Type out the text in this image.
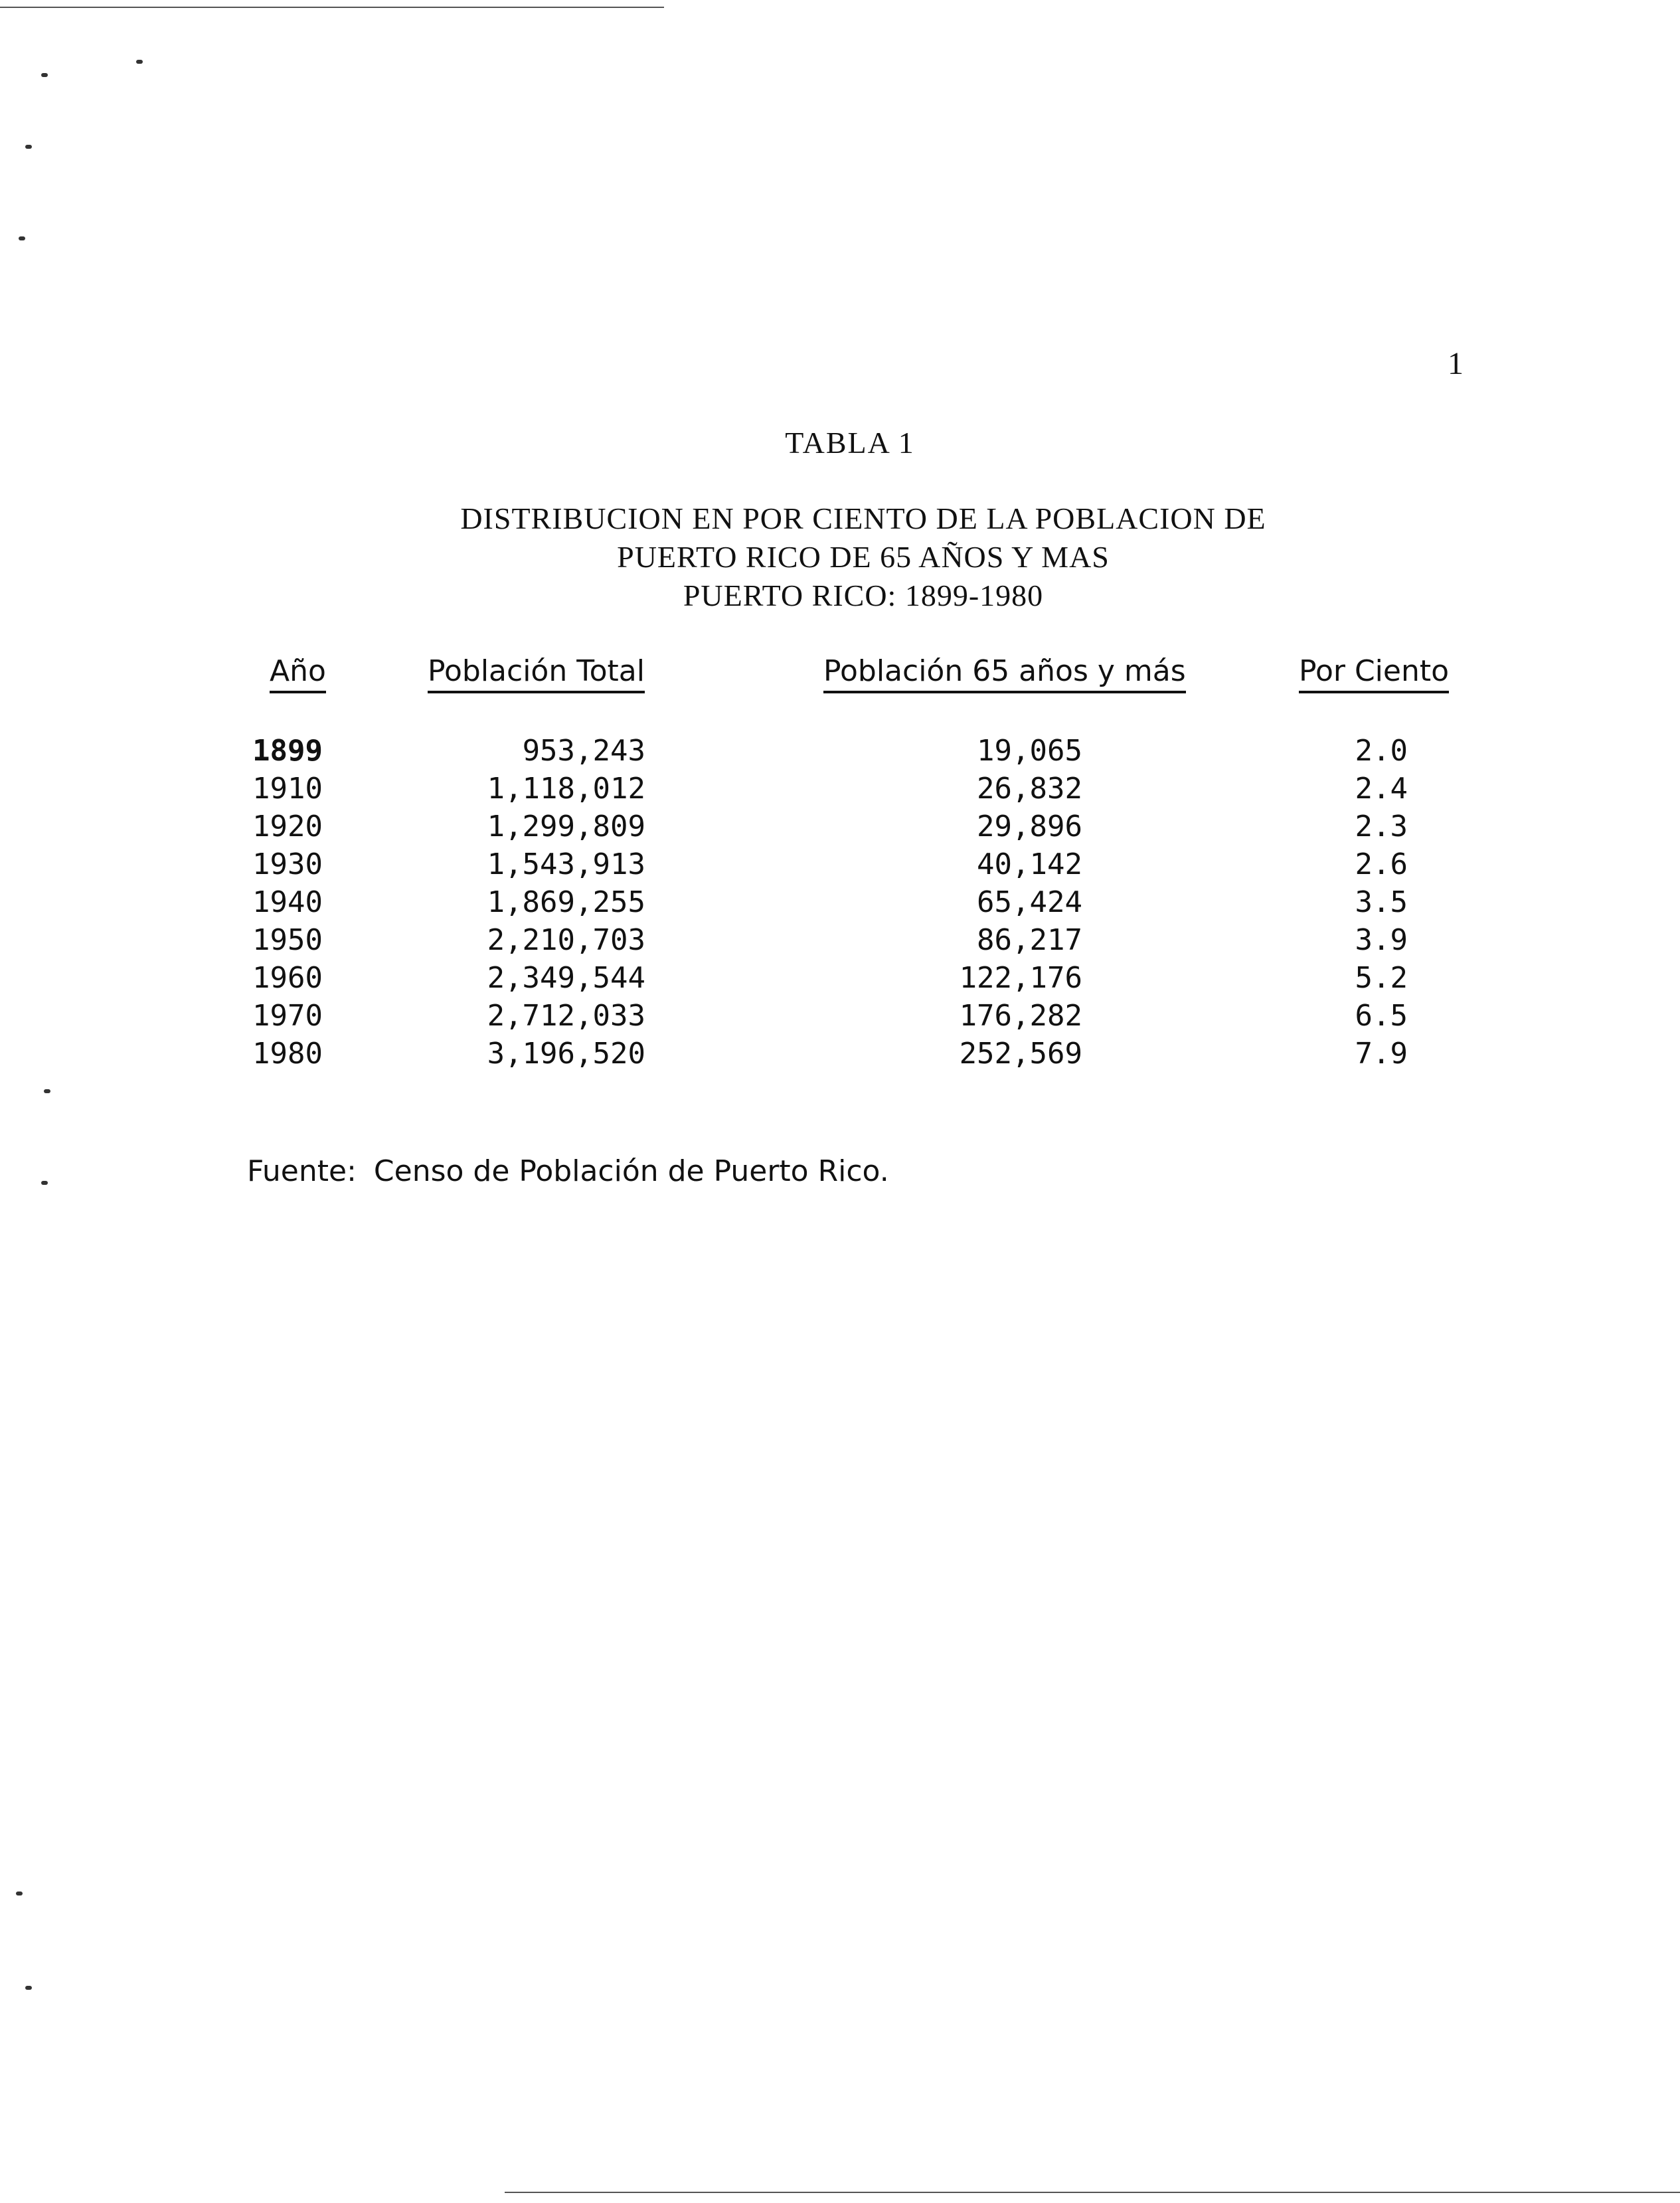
1
TABLA 1
DISTRIBUCION EN POR CIENTO DE LA POBLACION DE
PUERTO RICO DE 65 AÑOS Y MAS
PUERTO RICO: 1899-1980
Año	Población Total	Población 65 años y más	Por Ciento
1899	953,243	19,065	2.0
1910	1,118,012	26,832	2.4
1920	1,299,809	29,896	2.3
1930	1,543,913	40,142	2.6
1940	1,869,255	65,424	3.5
1950	2,210,703	86,217	3.9
1960	2,349,544	122,176	5.2
1970	2,712,033	176,282	6.5
1980	3,196,520	252,569	7.9
Fuente: Censo de Población de Puerto Rico.
